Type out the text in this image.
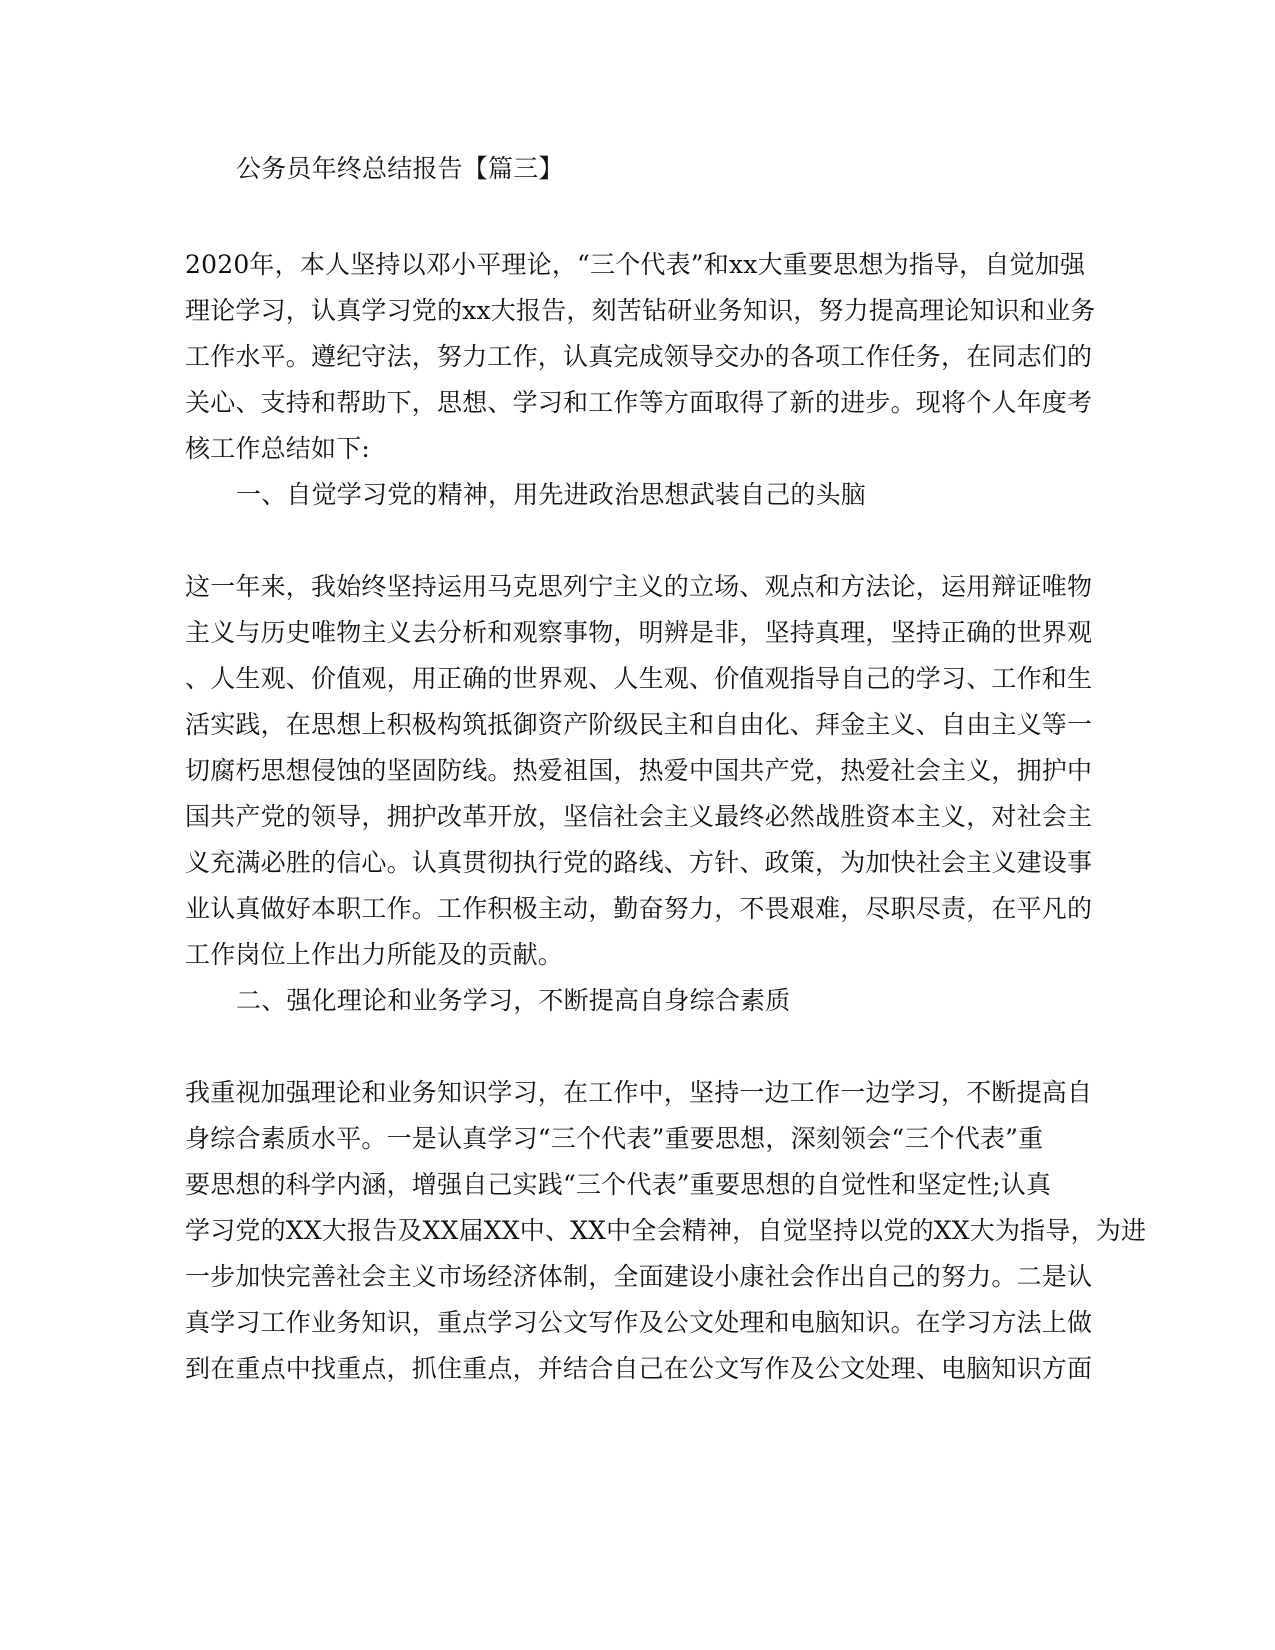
公务员年终总结报告【篇三】
2020年，本人坚持以邓小平理论，“三个代表”和xx大重要思想为指导，自觉加强
理论学习，认真学习党的xx大报告，刻苦钻研业务知识，努力提高理论知识和业务
工作水平。遵纪守法，努力工作，认真完成领导交办的各项工作任务，在同志们的
关心、支持和帮助下，思想、学习和工作等方面取得了新的进步。现将个人年度考
核工作总结如下:
一、自觉学习党的精神，用先进政治思想武装自己的头脑
这一年来，我始终坚持运用马克思列宁主义的立场、观点和方法论，运用辩证唯物
主义与历史唯物主义去分析和观察事物，明辨是非，坚持真理，坚持正确的世界观
、人生观、价值观，用正确的世界观、人生观、价值观指导自己的学习、工作和生
活实践，在思想上积极构筑抵御资产阶级民主和自由化、拜金主义、自由主义等一
切腐朽思想侵蚀的坚固防线。热爱祖国，热爱中国共产党，热爱社会主义，拥护中
国共产党的领导，拥护改革开放，坚信社会主义最终必然战胜资本主义，对社会主
义充满必胜的信心。认真贯彻执行党的路线、方针、政策，为加快社会主义建设事
业认真做好本职工作。工作积极主动，勤奋努力，不畏艰难，尽职尽责，在平凡的
工作岗位上作出力所能及的贡献。
二、强化理论和业务学习，不断提高自身综合素质
我重视加强理论和业务知识学习，在工作中，坚持一边工作一边学习，不断提高自
身综合素质水平。一是认真学习“三个代表”重要思想，深刻领会“三个代表”重
要思想的科学内涵，增强自己实践“三个代表”重要思想的自觉性和坚定性;认真
学习党的XX大报告及XX届XX中、XX中全会精神，自觉坚持以党的XX大为指导，为进
一步加快完善社会主义市场经济体制，全面建设小康社会作出自己的努力。二是认
真学习工作业务知识，重点学习公文写作及公文处理和电脑知识。在学习方法上做
到在重点中找重点，抓住重点，并结合自己在公文写作及公文处理、电脑知识方面
